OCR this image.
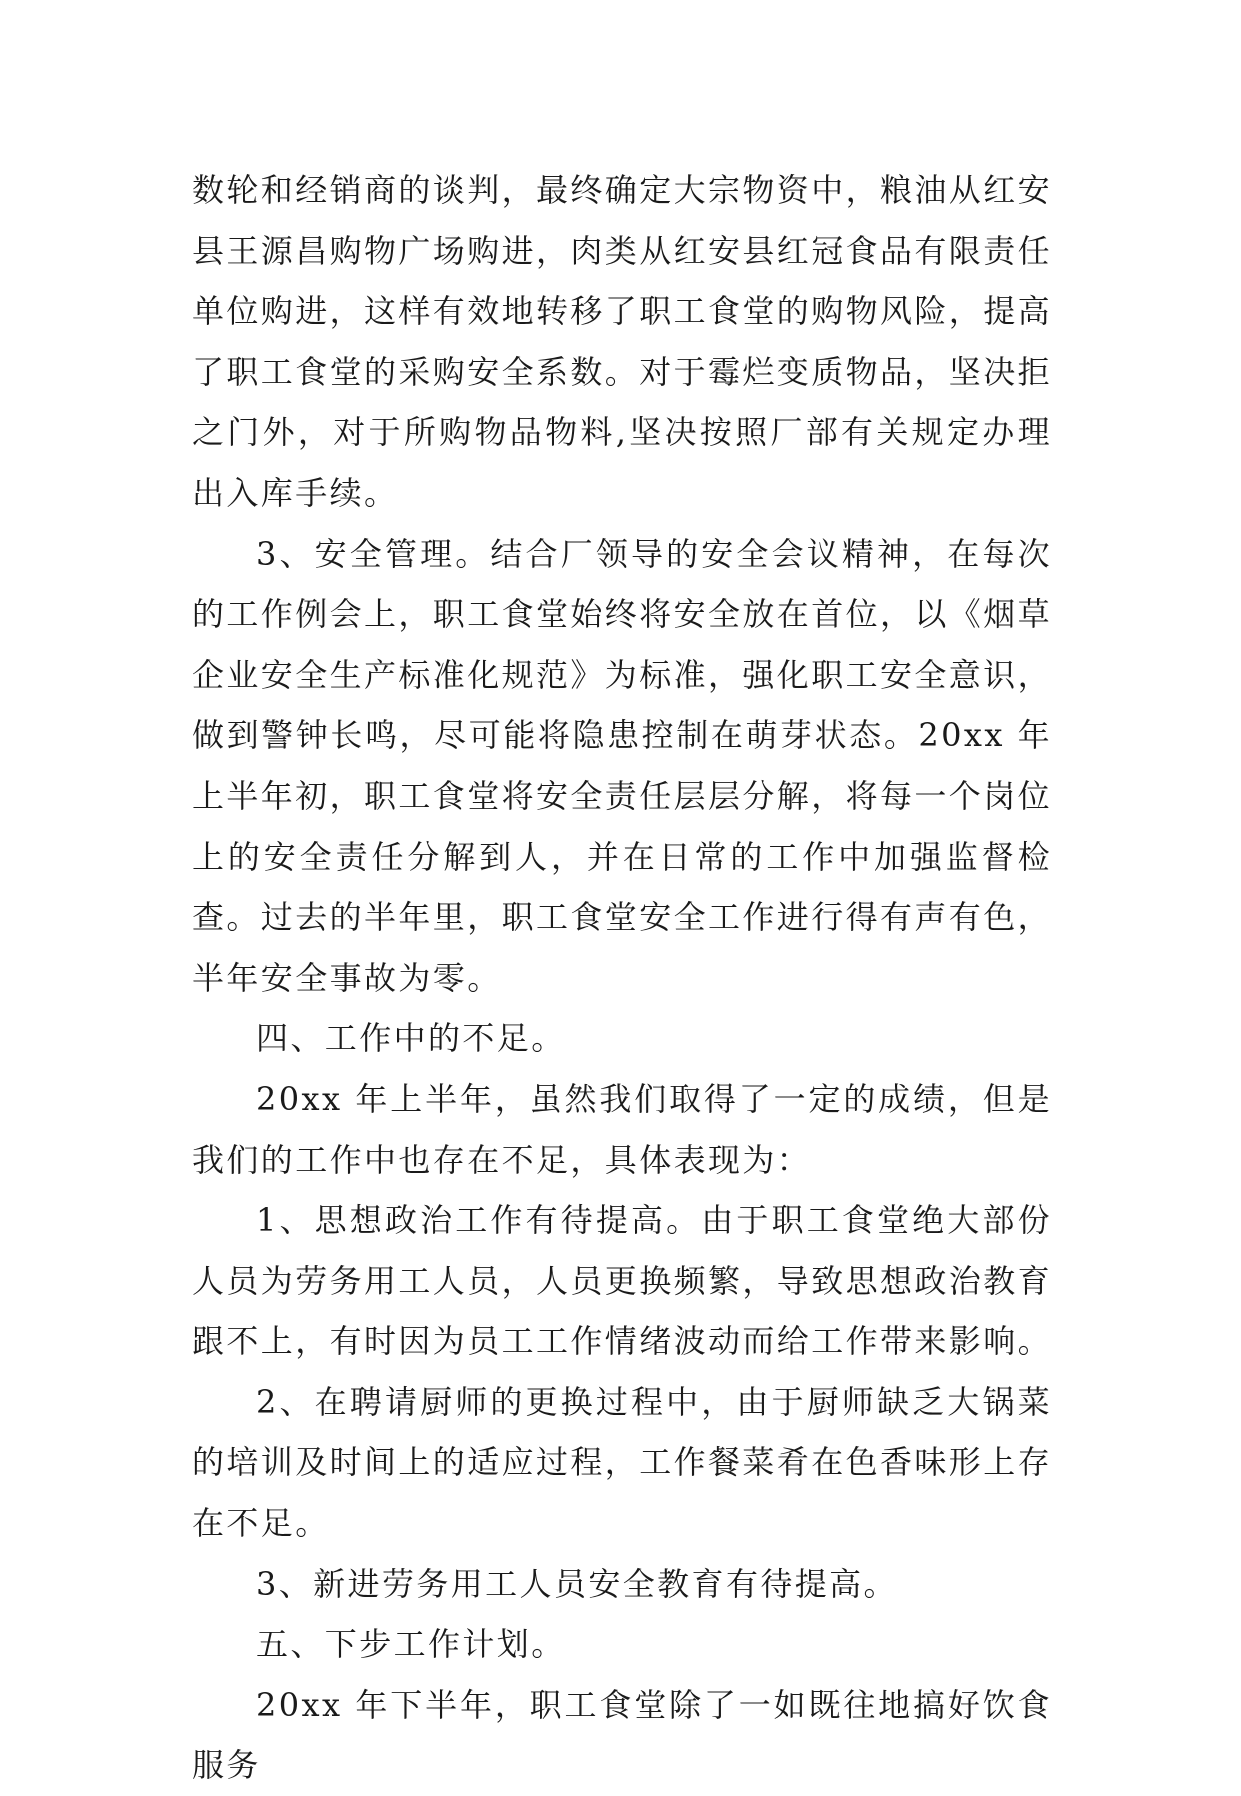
数轮和经销商的谈判，最终确定大宗物资中，粮油从红安县王源昌购物广场购进，肉类从红安县红冠食品有限责任单位购进，这样有效地转移了职工食堂的购物风险，提高了职工食堂的采购安全系数。对于霉烂变质物品，坚决拒之门外，对于所购物品物料,坚决按照厂部有关规定办理出入库手续。

3、安全管理。结合厂领导的安全会议精神，在每次的工作例会上，职工食堂始终将安全放在首位，以《烟草企业安全生产标准化规范》为标准，强化职工安全意识，做到警钟长鸣，尽可能将隐患控制在萌芽状态。20xx 年上半年初，职工食堂将安全责任层层分解，将每一个岗位上的安全责任分解到人，并在日常的工作中加强监督检查。过去的半年里，职工食堂安全工作进行得有声有色，半年安全事故为零。

四、工作中的不足。

20xx 年上半年，虽然我们取得了一定的成绩，但是我们的工作中也存在不足，具体表现为：

1、思想政治工作有待提高。由于职工食堂绝大部份人员为劳务用工人员，人员更换频繁，导致思想政治教育跟不上，有时因为员工工作情绪波动而给工作带来影响。

2、在聘请厨师的更换过程中，由于厨师缺乏大锅菜的培训及时间上的适应过程，工作餐菜肴在色香味形上存在不足。

3、新进劳务用工人员安全教育有待提高。

五、下步工作计划。

20xx 年下半年，职工食堂除了一如既往地搞好饮食服务
